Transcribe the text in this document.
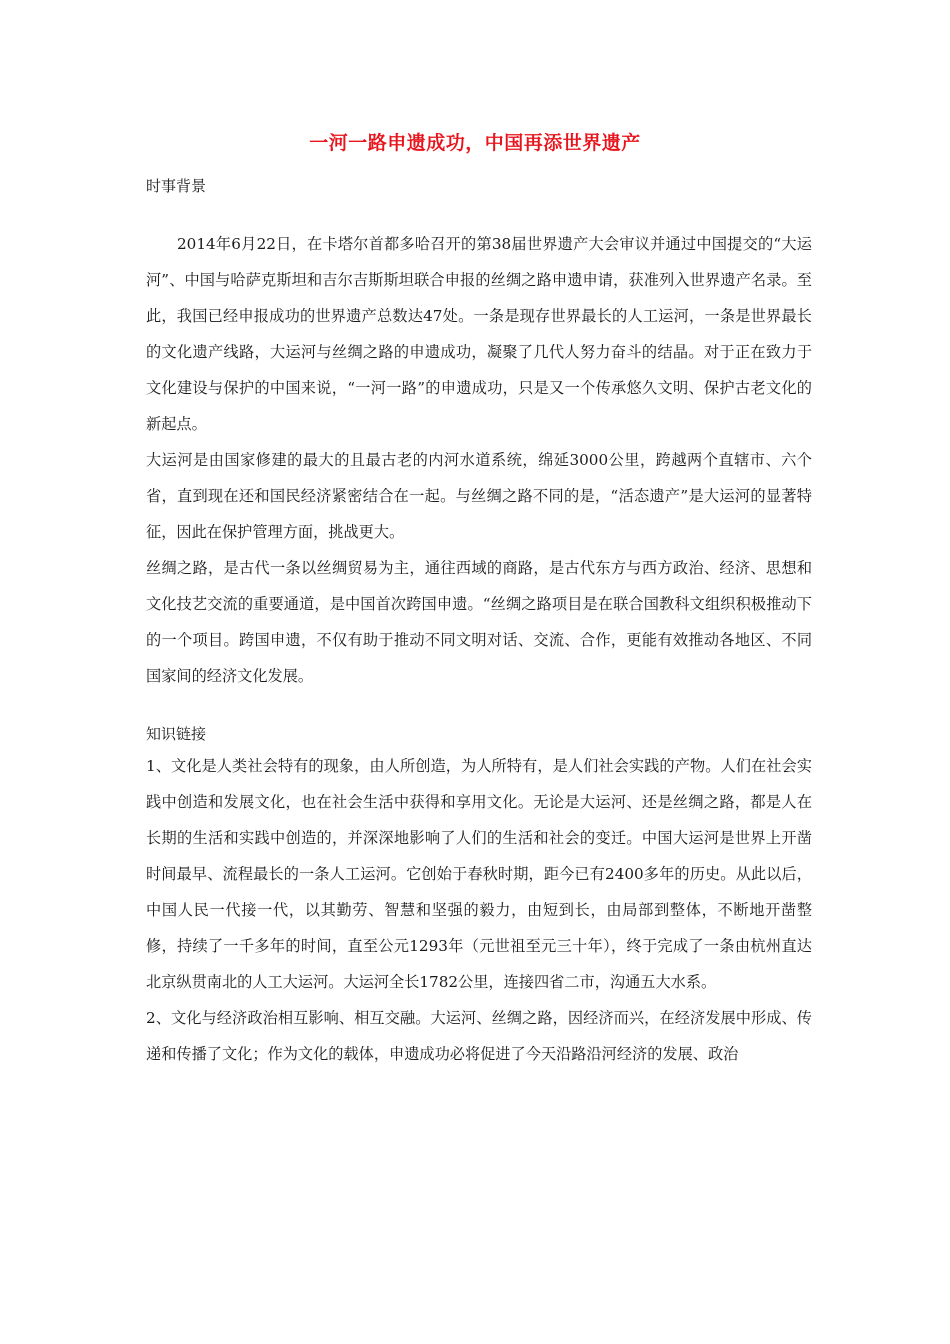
一河一路申遗成功，中国再添世界遗产

时事背景

2014年6月22日，在卡塔尔首都多哈召开的第38届世界遗产大会审议并通过中国提交的“大运河”、中国与哈萨克斯坦和吉尔吉斯斯坦联合申报的丝绸之路申遗申请，获准列入世界遗产名录。至此，我国已经申报成功的世界遗产总数达47处。一条是现存世界最长的人工运河，一条是世界最长的文化遗产线路，大运河与丝绸之路的申遗成功，凝聚了几代人努力奋斗的结晶。对于正在致力于文化建设与保护的中国来说，“一河一路”的申遗成功，只是又一个传承悠久文明、保护古老文化的新起点。

大运河是由国家修建的最大的且最古老的内河水道系统，绵延3000公里，跨越两个直辖市、六个省，直到现在还和国民经济紧密结合在一起。与丝绸之路不同的是，“活态遗产”是大运河的显著特征，因此在保护管理方面，挑战更大。

丝绸之路，是古代一条以丝绸贸易为主，通往西域的商路，是古代东方与西方政治、经济、思想和文化技艺交流的重要通道，是中国首次跨国申遗。“丝绸之路项目是在联合国教科文组织积极推动下的一个项目。跨国申遗，不仅有助于推动不同文明对话、交流、合作，更能有效推动各地区、不同国家间的经济文化发展。

知识链接

1、文化是人类社会特有的现象，由人所创造，为人所特有，是人们社会实践的产物。人们在社会实践中创造和发展文化，也在社会生活中获得和享用文化。无论是大运河、还是丝绸之路，都是人在长期的生活和实践中创造的，并深深地影响了人们的生活和社会的变迁。中国大运河是世界上开凿时间最早、流程最长的一条人工运河。它创始于春秋时期，距今已有2400多年的历史。从此以后，中国人民一代接一代，以其勤劳、智慧和坚强的毅力，由短到长，由局部到整体，不断地开凿整修，持续了一千多年的时间，直至公元1293年（元世祖至元三十年），终于完成了一条由杭州直达北京纵贯南北的人工大运河。大运河全长1782公里，连接四省二市，沟通五大水系。

2、文化与经济政治相互影响、相互交融。大运河、丝绸之路，因经济而兴，在经济发展中形成、传递和传播了文化；作为文化的载体，申遗成功必将促进了今天沿路沿河经济的发展、政治
